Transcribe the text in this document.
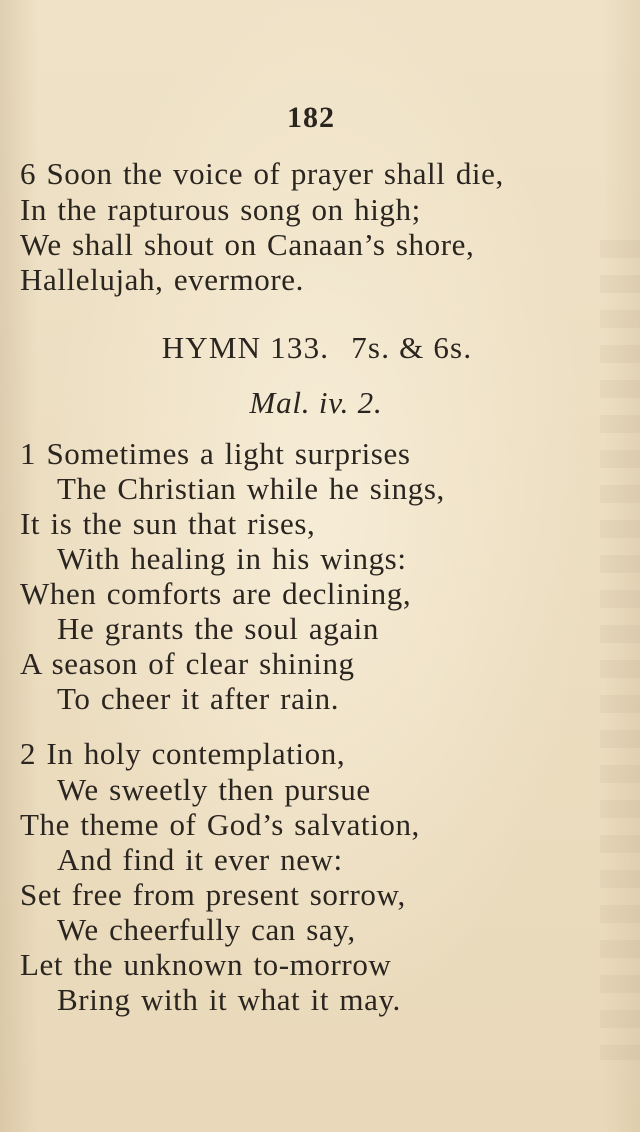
182
6 Soon the voice of prayer shall die,
In the rapturous song on high;
We shall shout on Canaan’s shore,
Hallelujah, evermore.
HYMN 133. 7s. & 6s.
Mal. iv. 2.
1 Sometimes a light surprises
The Christian while he sings,
It is the sun that rises,
With healing in his wings:
When comforts are declining,
He grants the soul again
A season of clear shining
To cheer it after rain.
2 In holy contemplation,
We sweetly then pursue
The theme of God’s salvation,
And find it ever new:
Set free from present sorrow,
We cheerfully can say,
Let the unknown to-morrow
Bring with it what it may.
